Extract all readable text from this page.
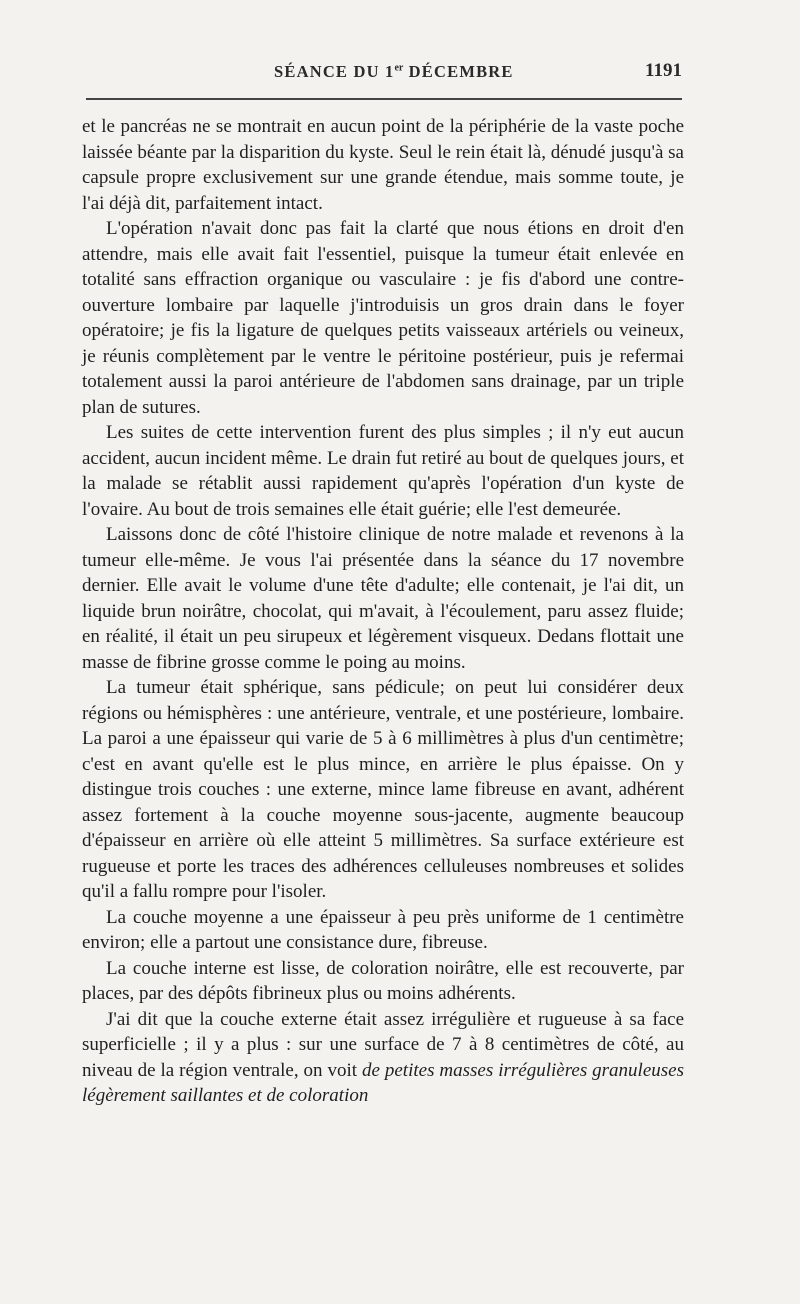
SÉANCE DU 1er DÉCEMBRE	1191

et le pancréas ne se montrait en aucun point de la périphérie de la vaste poche laissée béante par la disparition du kyste. Seul le rein était là, dénudé jusqu'à sa capsule propre exclusivement sur une grande étendue, mais somme toute, je l'ai déjà dit, parfaitement intact.

L'opération n'avait donc pas fait la clarté que nous étions en droit d'en attendre, mais elle avait fait l'essentiel, puisque la tumeur était enlevée en totalité sans effraction organique ou vasculaire : je fis d'abord une contre-ouverture lombaire par laquelle j'introduisis un gros drain dans le foyer opératoire; je fis la ligature de quelques petits vaisseaux artériels ou veineux, je réunis complètement par le ventre le péritoine postérieur, puis je refermai totalement aussi la paroi antérieure de l'abdomen sans drainage, par un triple plan de sutures.

Les suites de cette intervention furent des plus simples ; il n'y eut aucun accident, aucun incident même. Le drain fut retiré au bout de quelques jours, et la malade se rétablit aussi rapidement qu'après l'opération d'un kyste de l'ovaire. Au bout de trois semaines elle était guérie; elle l'est demeurée.

Laissons donc de côté l'histoire clinique de notre malade et revenons à la tumeur elle-même. Je vous l'ai présentée dans la séance du 17 novembre dernier. Elle avait le volume d'une tête d'adulte; elle contenait, je l'ai dit, un liquide brun noirâtre, chocolat, qui m'avait, à l'écoulement, paru assez fluide; en réalité, il était un peu sirupeux et légèrement visqueux. Dedans flottait une masse de fibrine grosse comme le poing au moins.

La tumeur était sphérique, sans pédicule; on peut lui considérer deux régions ou hémisphères : une antérieure, ventrale, et une postérieure, lombaire. La paroi a une épaisseur qui varie de 5 à 6 millimètres à plus d'un centimètre; c'est en avant qu'elle est le plus mince, en arrière le plus épaisse. On y distingue trois couches : une externe, mince lame fibreuse en avant, adhérent assez fortement à la couche moyenne sous-jacente, augmente beaucoup d'épaisseur en arrière où elle atteint 5 millimètres. Sa surface extérieure est rugueuse et porte les traces des adhérences celluleuses nombreuses et solides qu'il a fallu rompre pour l'isoler.

La couche moyenne a une épaisseur à peu près uniforme de 1 centimètre environ; elle a partout une consistance dure, fibreuse.

La couche interne est lisse, de coloration noirâtre, elle est recouverte, par places, par des dépôts fibrineux plus ou moins adhérents.

J'ai dit que la couche externe était assez irrégulière et rugueuse à sa face superficielle ; il y a plus : sur une surface de 7 à 8 centimètres de côté, au niveau de la région ventrale, on voit de petites masses irrégulières granuleuses légèrement saillantes et de coloration
